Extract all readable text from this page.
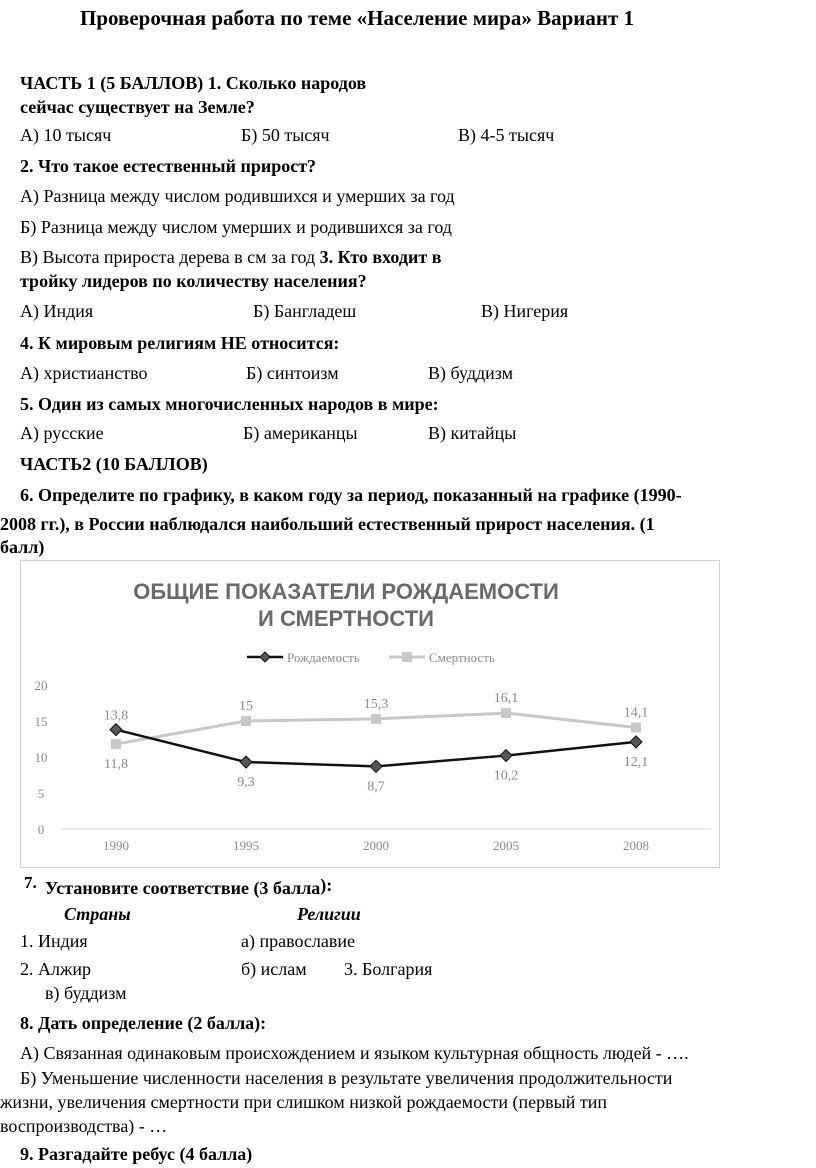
Проверочная работа по теме «Население мира» Вариант 1
ЧАСТЬ 1 (5 БАЛЛОВ) 1. Сколько народов
сейчас существует на Земле?
А) 10 тысяч	Б) 50 тысяч	В) 4-5 тысяч
2. Что такое естественный прирост?
А) Разница между числом родившихся и умерших за год
Б) Разница между числом умерших и родившихся за год
В) Высота прироста дерева в см за год 3. Кто входит в
тройку лидеров по количеству населения?
А) Индия	Б) Бангладеш	В) Нигерия
4. К мировым религиям НЕ относится:
А) христианство	Б) синтоизм	В) буддизм
5. Один из самых многочисленных народов в мире:
А) русские	Б) американцы	В) китайцы
ЧАСТЬ2 (10 БАЛЛОВ)
6. Определите по графику, в каком году за период, показанный на графике (1990-
2008 гг.), в России наблюдался наибольший естественный прирост населения. (1
балл)
ОБЩИЕ ПОКАЗАТЕЛИ РОЖДАЕМОСТИ
И СМЕРТНОСТИ
Рождаемость	Смертность
0
5
10
15
20
1990	1995	2000	2005	2008
13,8
9,3	8,7
10,2
12,1
11,8
15	15,3	16,1
14,1
7. Установите соответствие (3 балла):
Страны	Религии
1. Индия	а) православие
2. Алжир	б) ислам 3. Болгария
в) буддизм
8. Дать определение (2 балла):
А) Связанная одинаковым происхождением и языком культурная общность людей - ….
Б) Уменьшение численности населения в результате увеличения продолжительности
жизни, увеличения смертности при слишком низкой рождаемости (первый тип
воспроизводства) - …
9. Разгадайте ребус (4 балла)
